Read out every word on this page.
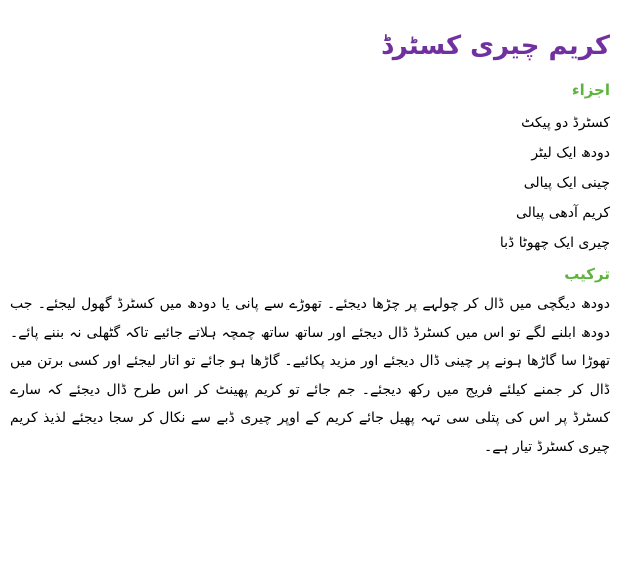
کریم چیری کسٹرڈ
اجزاء
کسٹرڈ دو پیکٹ
دودھ ایک لیٹر
چینی ایک پیالی
کریم آدھی پیالی
چیری ایک چھوٹا ڈبا
ترکیب

دودھ دیگچی میں ڈال کر چولہے پر چڑھا دیجئے۔ تھوڑے سے پانی یا دودھ میں کسٹرڈ گھول لیجئے۔ جب دودھ ابلنے لگے تو اس میں کسٹرڈ ڈال دیجئے اور ساتھ ساتھ چمچہ ہلاتے جائیے تاکہ گٹھلی نہ بننے پائے۔ تھوڑا سا گاڑھا ہونے پر چینی ڈال دیجئے اور مزید پکائیے۔ گاڑھا ہو جائے تو اتار لیجئے اور کسی برتن میں ڈال کر جمنے کیلئے فریج میں رکھ دیجئے۔ جم جائے تو کریم پھینٹ کر اس طرح ڈال دیجئے کہ سارے کسٹرڈ پر اس کی پتلی سی تہہ پھیل جائے کریم کے اوپر چیری ڈبے سے نکال کر سجا دیجئے لذیذ کریم چیری کسٹرڈ تیار ہے۔
